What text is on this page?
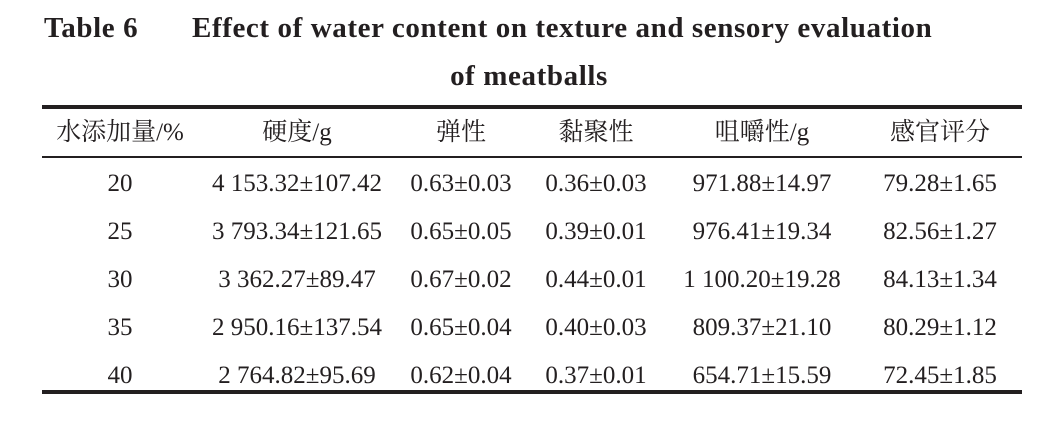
Table 6 Effect of water content on texture and sensory evaluation
of meatballs
水添加量/%	硬度/g	弹性	黏聚性	咀嚼性/g	感官评分

20	4 153.32±107.42	0.63±0.03	0.36±0.03	971.88±14.97	79.28±1.65
25	3 793.34±121.65	0.65±0.05	0.39±0.01	976.41±19.34	82.56±1.27
30	3 362.27±89.47	0.67±0.02	0.44±0.01	1 100.20±19.28	84.13±1.34
35	2 950.16±137.54	0.65±0.04	0.40±0.03	809.37±21.10	80.29±1.12
40	2 764.82±95.69	0.62±0.04	0.37±0.01	654.71±15.59	72.45±1.85
